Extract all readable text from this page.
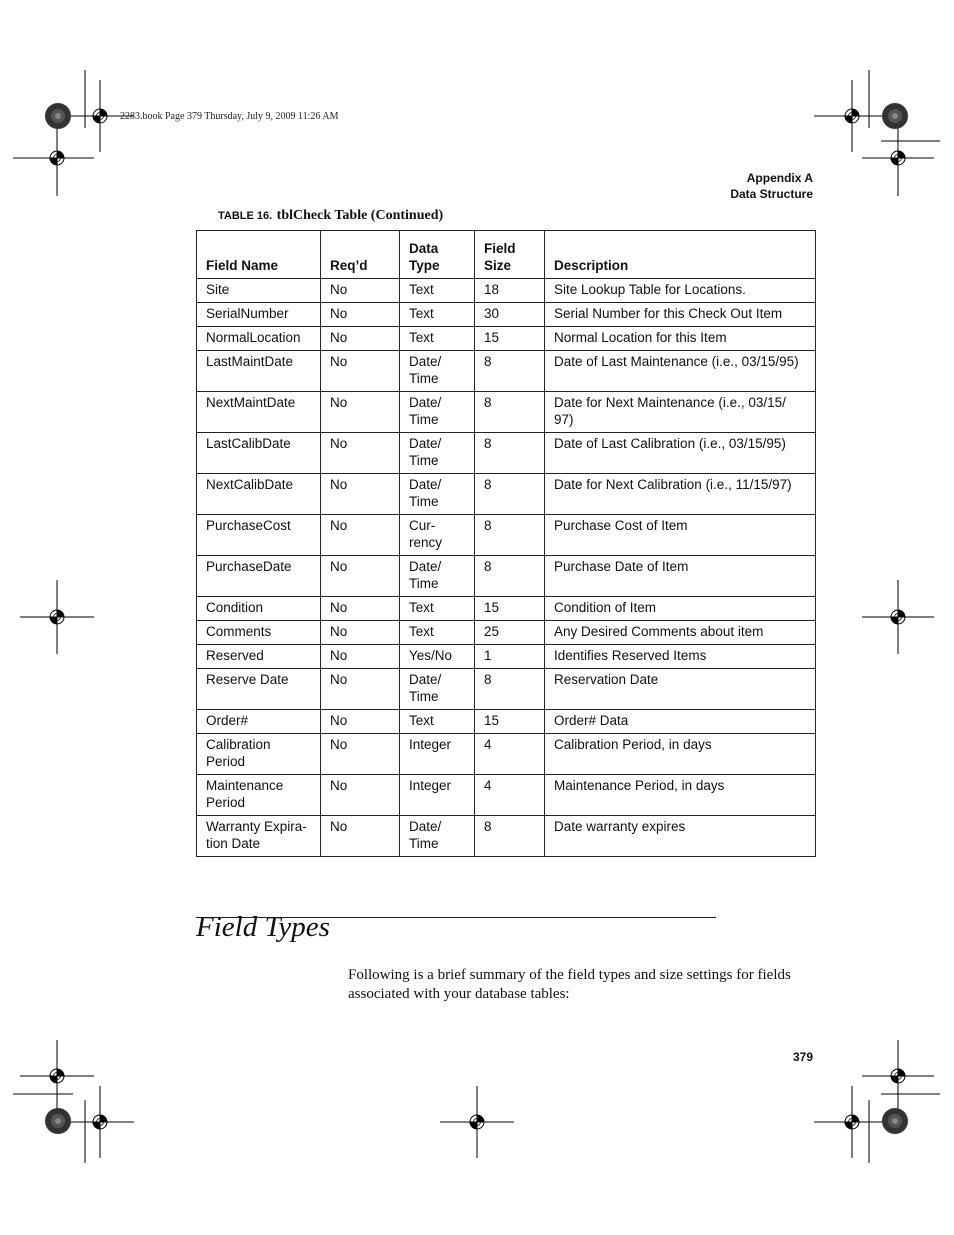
2283.book Page 379 Thursday, July 9, 2009 11:26 AM
Appendix A
Data Structure
TABLE 16. tblCheck Table (Continued)
Field Name	Req’d	Data Type	Field Size	Description
Site	No	Text	18	Site Lookup Table for Locations.
SerialNumber	No	Text	30	Serial Number for this Check Out Item
NormalLocation	No	Text	15	Normal Location for this Item
LastMaintDate	No	Date/ Time	8	Date of Last Maintenance (i.e., 03/15/95)
NextMaintDate	No	Date/ Time	8	Date for Next Maintenance (i.e., 03/15/ 97)
LastCalibDate	No	Date/ Time	8	Date of Last Calibration (i.e., 03/15/95)
NextCalibDate	No	Date/ Time	8	Date for Next Calibration (i.e., 11/15/97)
PurchaseCost	No	Cur- rency	8	Purchase Cost of Item
PurchaseDate	No	Date/ Time	8	Purchase Date of Item
Condition	No	Text	15	Condition of Item
Comments	No	Text	25	Any Desired Comments about item
Reserved	No	Yes/No	1	Identifies Reserved Items
Reserve Date	No	Date/ Time	8	Reservation Date
Order#	No	Text	15	Order# Data
Calibration Period	No	Integer	4	Calibration Period, in days
Maintenance Period	No	Integer	4	Maintenance Period, in days
Warranty Expira- tion Date	No	Date/ Time	8	Date warranty expires
Field Types

Following is a brief summary of the field types and size settings for fields associated with your database tables:

379
